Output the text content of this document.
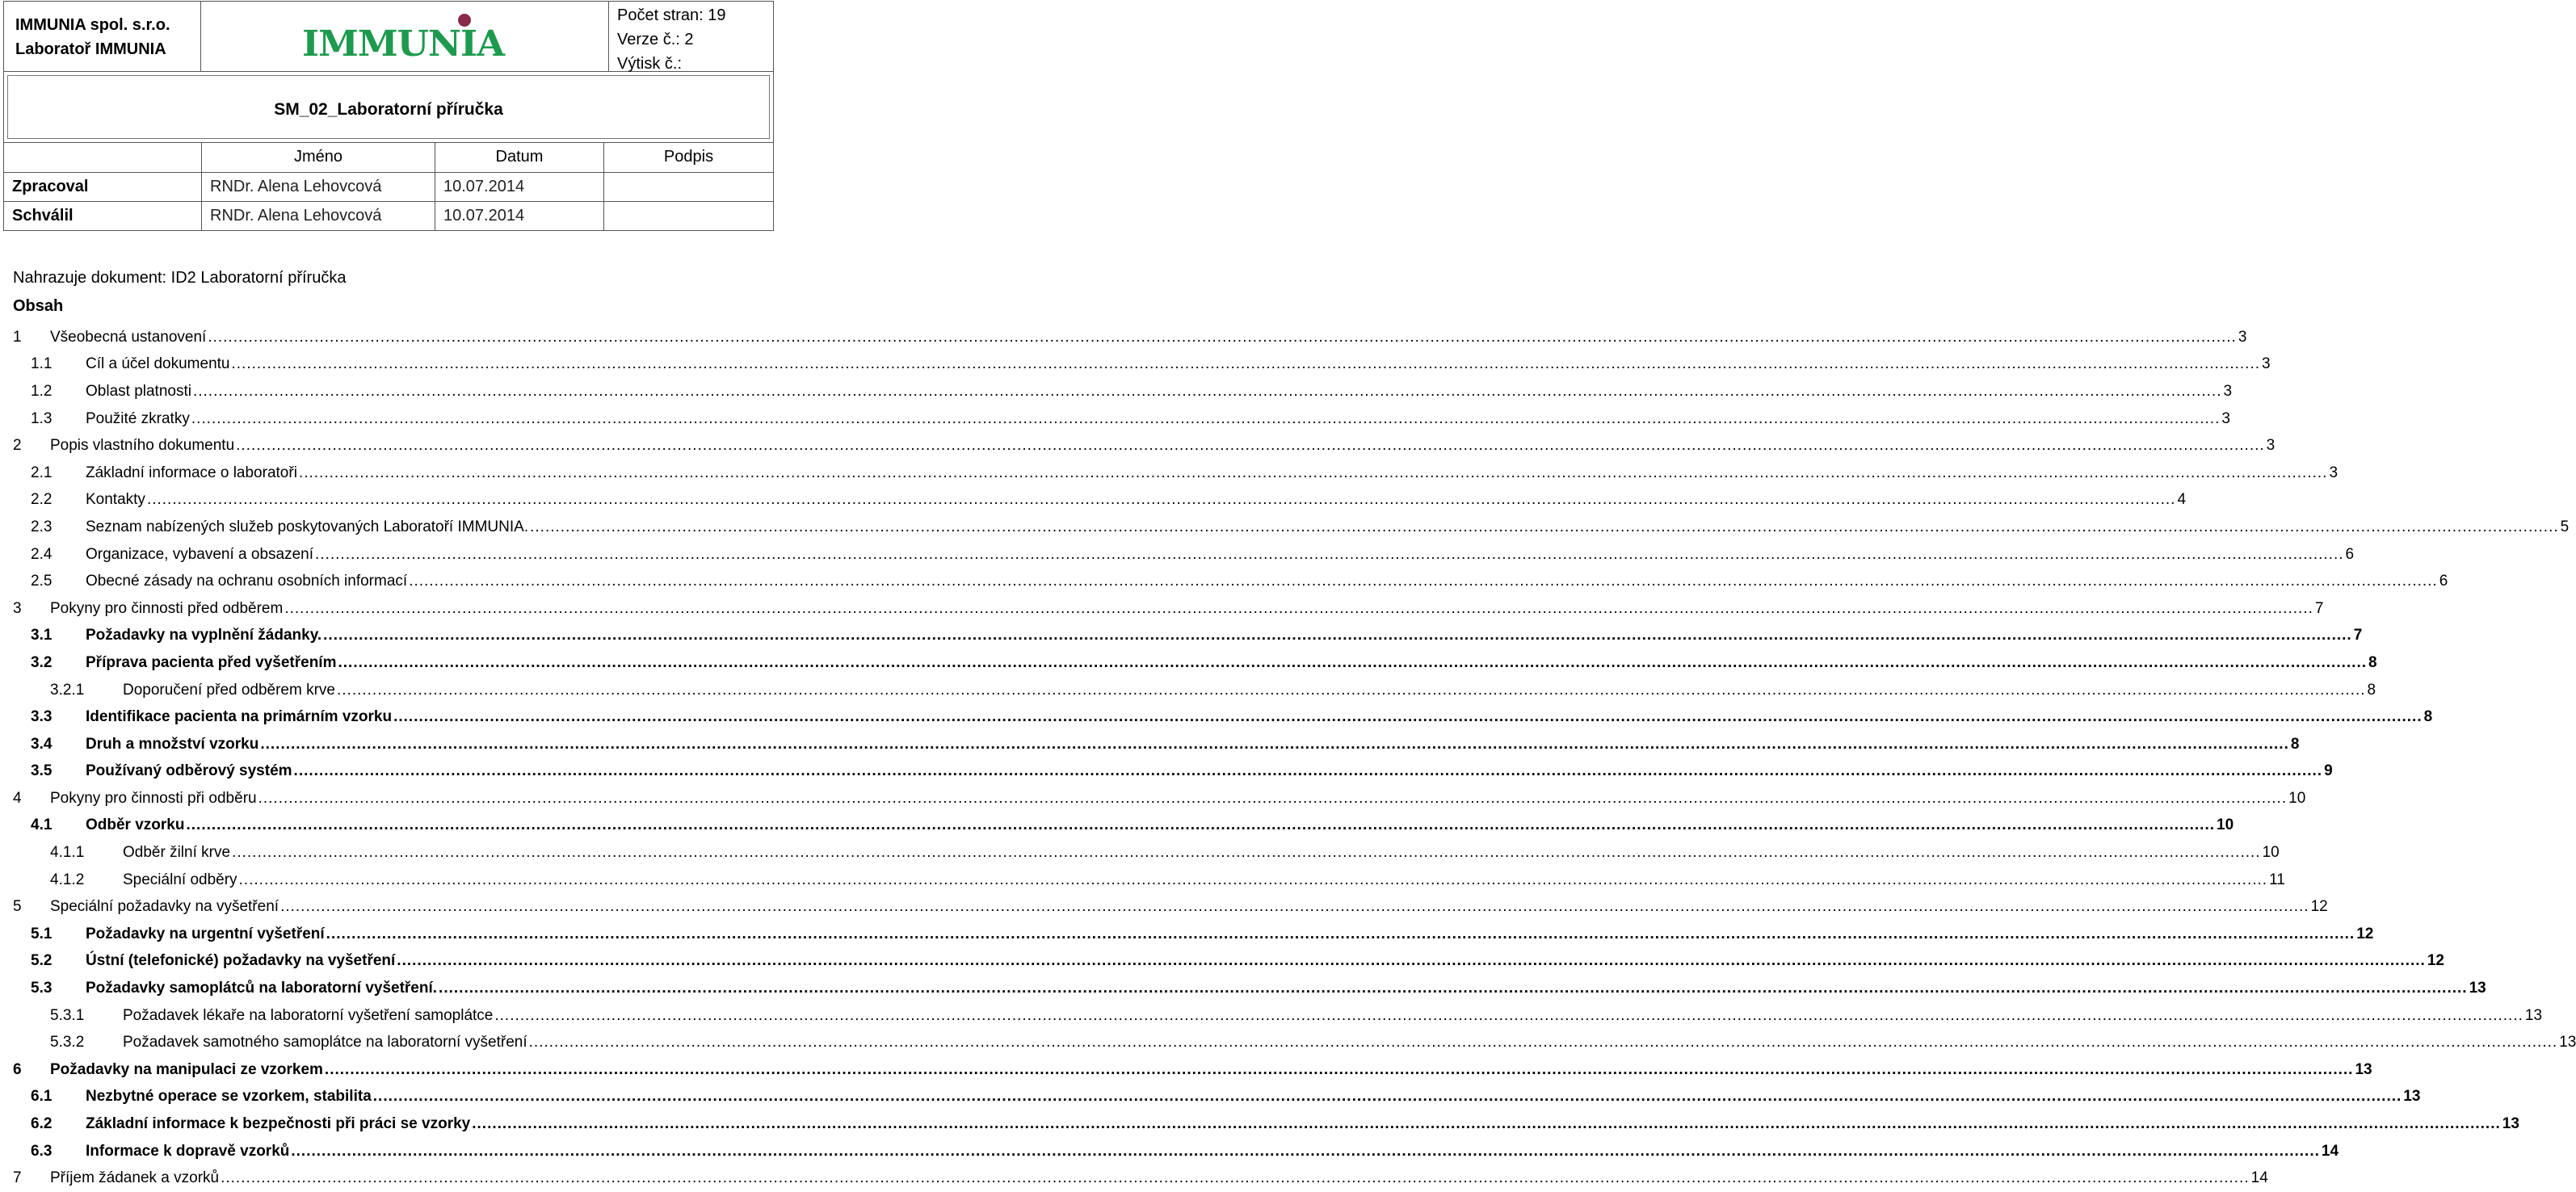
IMMUNIA spol. s.r.o.
Laboratoř IMMUNIA	IMMUNIA
Počet stran: 19
Verze č.: 2
Výtisk č.:
SM_02_Laboratorní příručka
	Jméno	Datum	Podpis
Zpracoval	RNDr. Alena Lehovcová	10.07.2014	
Schválil	RNDr. Alena Lehovcová	10.07.2014	
Nahrazuje dokument: ID2 Laboratorní příručka
Obsah
1 Všeobecná ustanovení ................................................................................................................................................................................................................................................................................................................................................................................................................ 3
1.1 Cíl a účel dokumentu ................................................................................................................................................................................................................................................................................................................................................................................................................ 3
1.2 Oblast platnosti ................................................................................................................................................................................................................................................................................................................................................................................................................ 3
1.3 Použité zkratky ................................................................................................................................................................................................................................................................................................................................................................................................................ 3
2 Popis vlastního dokumentu ................................................................................................................................................................................................................................................................................................................................................................................................................ 3
2.1 Základní informace o laboratoři ................................................................................................................................................................................................................................................................................................................................................................................................................ 3
2.2 Kontakty ................................................................................................................................................................................................................................................................................................................................................................................................................ 4
2.3 Seznam nabízených služeb poskytovaných Laboratoří IMMUNIA. ................................................................................................................................................................................................................................................................................................................................................................................................................ 5
2.4 Organizace, vybavení a obsazení ................................................................................................................................................................................................................................................................................................................................................................................................................ 6
2.5 Obecné zásady na ochranu osobních informací ................................................................................................................................................................................................................................................................................................................................................................................................................ 6
3 Pokyny pro činnosti před odběrem ................................................................................................................................................................................................................................................................................................................................................................................................................ 7
3.1 Požadavky na vyplnění žádanky. ................................................................................................................................................................................................................................................................................................................................................................................................................ 7
3.2 Příprava pacienta před vyšetřením ................................................................................................................................................................................................................................................................................................................................................................................................................ 8
3.2.1	Doporučení před odběrem krve ................................................................................................................................................................................................................................................................................................................................................................................................................ 8
3.3 Identifikace pacienta na primárním vzorku ................................................................................................................................................................................................................................................................................................................................................................................................................ 8
3.4 Druh a množství vzorku ................................................................................................................................................................................................................................................................................................................................................................................................................ 8
3.5 Používaný odběrový systém ................................................................................................................................................................................................................................................................................................................................................................................................................ 9
4 Pokyny pro činnosti při odběru ................................................................................................................................................................................................................................................................................................................................................................................................................ 10
4.1 Odběr vzorku ................................................................................................................................................................................................................................................................................................................................................................................................................ 10
4.1.1	Odběr žilní krve ................................................................................................................................................................................................................................................................................................................................................................................................................ 10
4.1.2	Speciální odběry ................................................................................................................................................................................................................................................................................................................................................................................................................ 11
5 Speciální požadavky na vyšetření ................................................................................................................................................................................................................................................................................................................................................................................................................ 12
5.1 Požadavky na urgentní vyšetření ................................................................................................................................................................................................................................................................................................................................................................................................................ 12
5.2 Ústní (telefonické) požadavky na vyšetření ................................................................................................................................................................................................................................................................................................................................................................................................................ 12
5.3 Požadavky samoplátců na laboratorní vyšetření. ................................................................................................................................................................................................................................................................................................................................................................................................................ 13
5.3.1	Požadavek lékaře na laboratorní vyšetření samoplátce ................................................................................................................................................................................................................................................................................................................................................................................................................ 13
5.3.2	Požadavek samotného samoplátce na laboratorní vyšetření ................................................................................................................................................................................................................................................................................................................................................................................................................ 13
6 Požadavky na manipulaci ze vzorkem ................................................................................................................................................................................................................................................................................................................................................................................................................ 13
6.1 Nezbytné operace se vzorkem, stabilita ................................................................................................................................................................................................................................................................................................................................................................................................................ 13
6.2 Základní informace k bezpečnosti při práci se vzorky ................................................................................................................................................................................................................................................................................................................................................................................................................ 13
6.3 Informace k dopravě vzorků ................................................................................................................................................................................................................................................................................................................................................................................................................ 14
7 Příjem žádanek a vzorků ................................................................................................................................................................................................................................................................................................................................................................................................................ 14
